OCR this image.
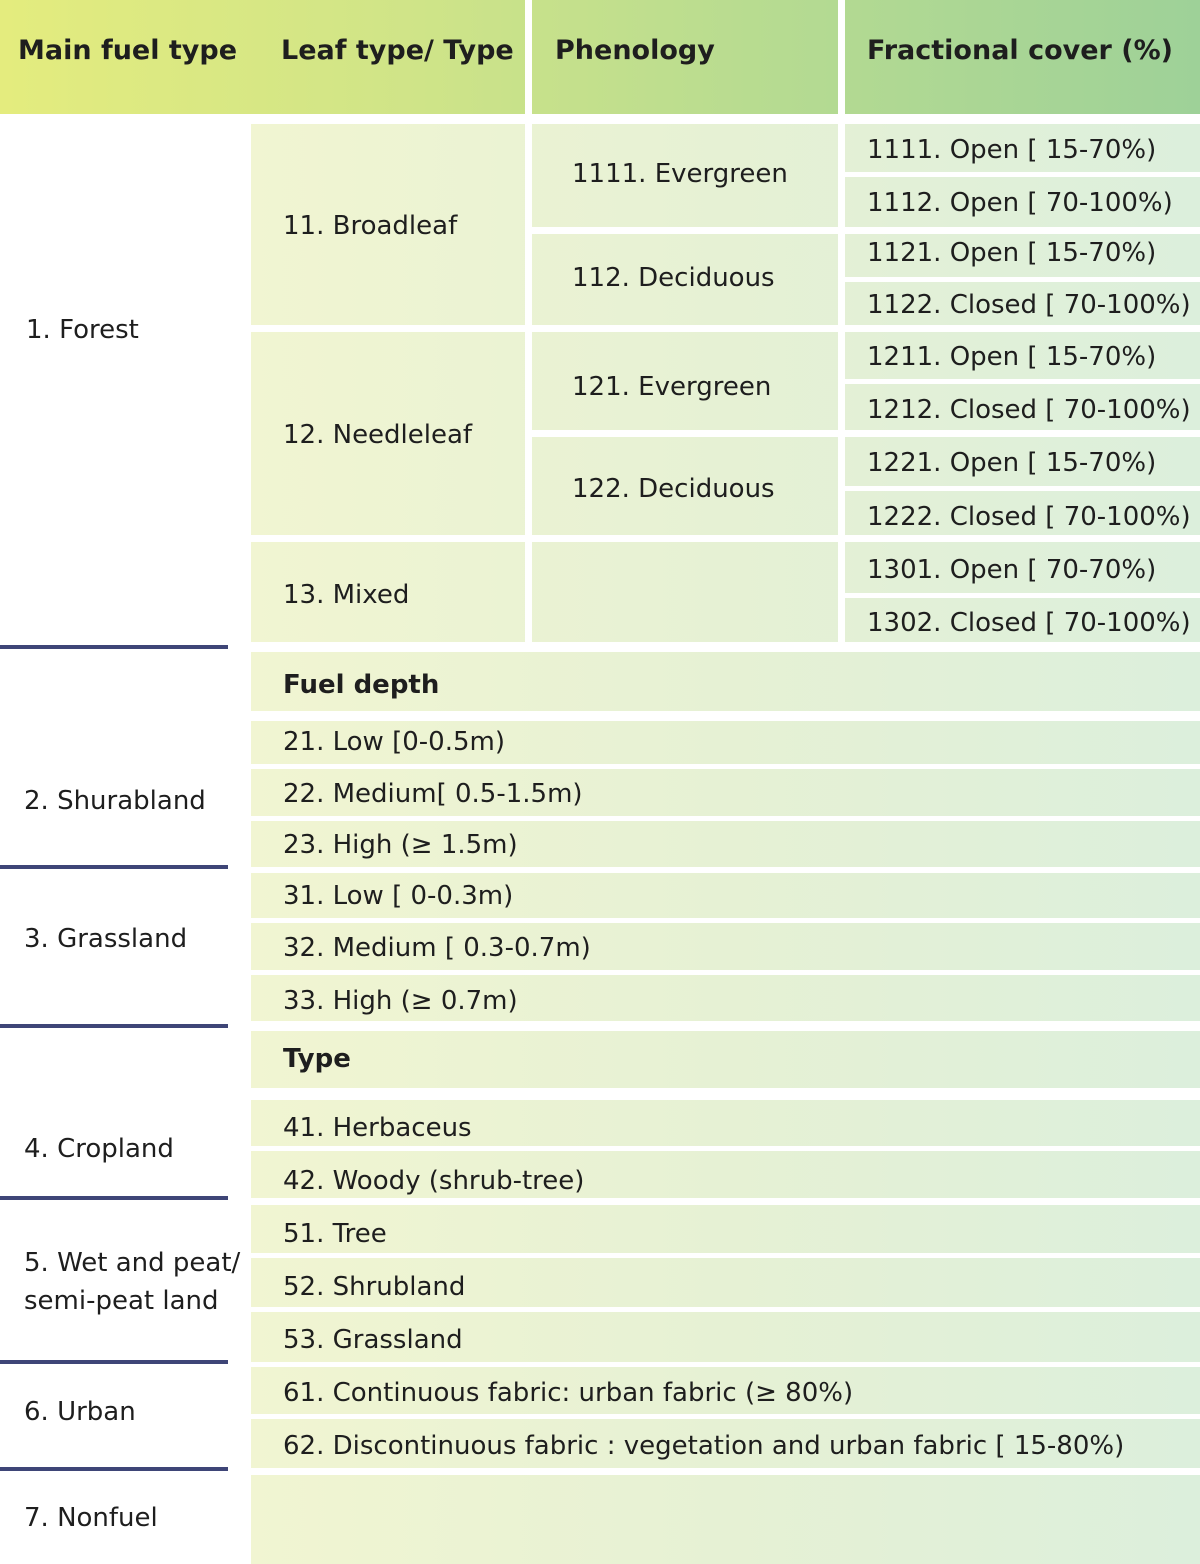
Main fuel type Leaf type/ Type Phenology	Fractional cover (%)
1. Forest
2. Shurabland
3. Grassland
4. Cropland
5. Wet and peat/ semi-peat land
6. Urban
7. Nonfuel
11. Broadleaf
12. Needleleaf
13. Mixed
1111. Evergreen
112. Deciduous
121. Evergreen
122. Deciduous
1111. Open [ 15-70%)
1112. Open [ 70-100%)
1121. Open [ 15-70%)
1122. Closed [ 70-100%)
1211. Open [ 15-70%)
1212. Closed [ 70-100%)
1221. Open [ 15-70%)
1222. Closed [ 70-100%)
1301. Open [ 70-70%)
1302. Closed [ 70-100%)
Fuel depth
21. Low [0-0.5m)
22. Medium[ 0.5-1.5m)
23. High (≥ 1.5m)
31. Low [ 0-0.3m)
32. Medium [ 0.3-0.7m)
33. High (≥ 0.7m)
Type
41. Herbaceus
42. Woody (shrub-tree)
51. Tree
52. Shrubland
53. Grassland
61. Continuous fabric: urban fabric (≥ 80%)
62. Discontinuous fabric : vegetation and urban fabric [ 15-80%)
